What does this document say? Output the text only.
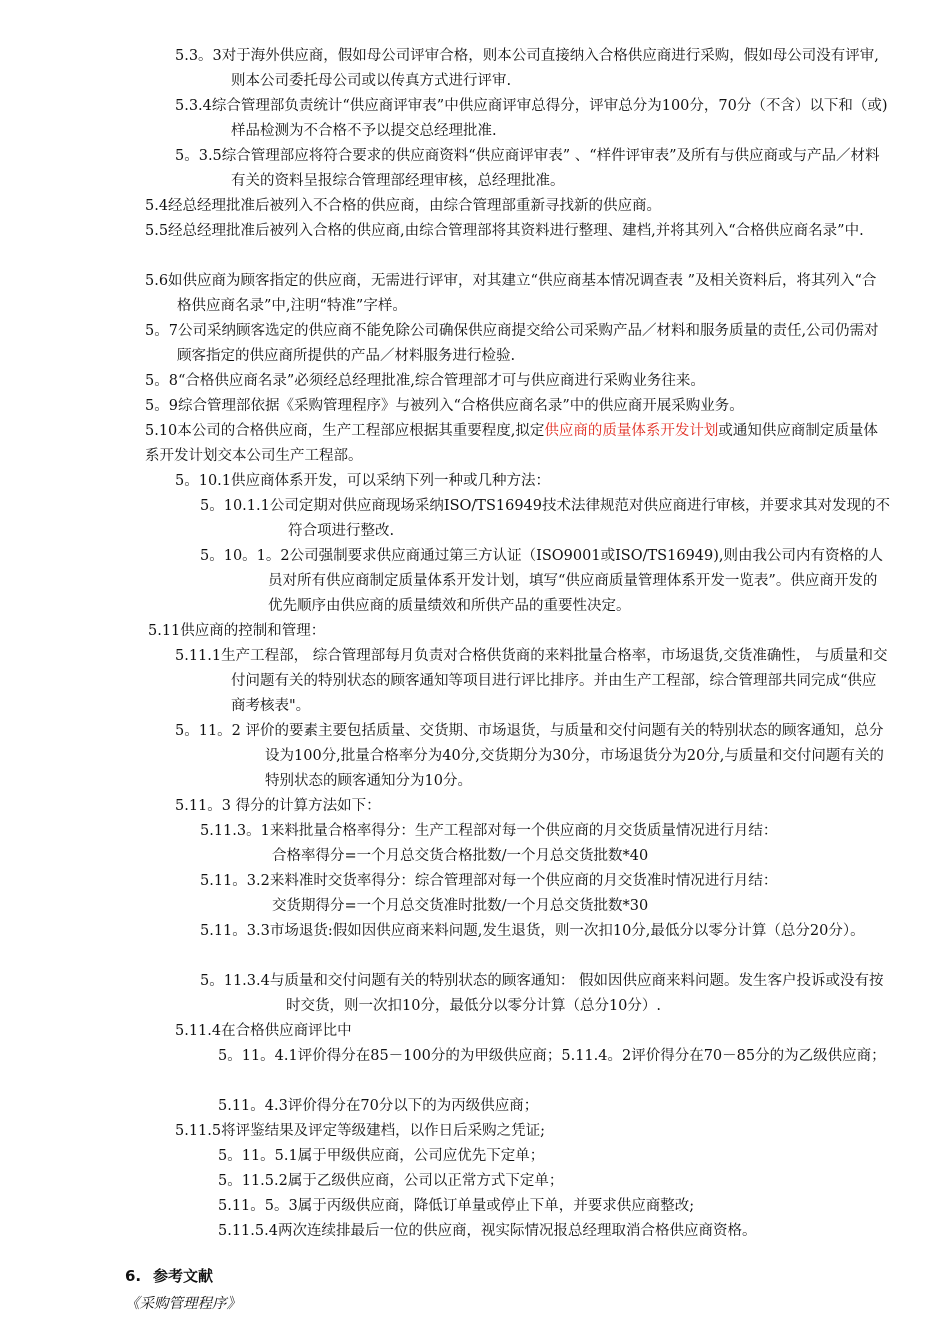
5.3。3对于海外供应商，假如母公司评审合格，则本公司直接纳入合格供应商进行采购，假如母公司没有评审,则本公司委托母公司或以传真方式进行评审.

5.3.4综合管理部负责统计“供应商评审表”中供应商评审总得分，评审总分为100分，70分（不含）以下和（或)样品检测为不合格不予以提交总经理批准.

5。3.5综合管理部应将符合要求的供应商资料“供应商评审表” 、“样件评审表”及所有与供应商或与产品／材料有关的资料呈报综合管理部经理审核，总经理批准。

5.4经总经理批准后被列入不合格的供应商，由综合管理部重新寻找新的供应商。

5.5经总经理批准后被列入合格的供应商,由综合管理部将其资料进行整理、建档,并将其列入“合格供应商名录”中.

5.6如供应商为顾客指定的供应商，无需进行评审，对其建立“供应商基本情况调查表 ”及相关资料后，将其列入“合格供应商名录”中,注明“特准”字样。

5。7公司采纳顾客选定的供应商不能免除公司确保供应商提交给公司采购产品／材料和服务质量的责任,公司仍需对顾客指定的供应商所提供的产品／材料服务进行检验.

5。8“合格供应商名录”必须经总经理批准,综合管理部才可与供应商进行采购业务往来。

5。9综合管理部依据《采购管理程序》与被列入“合格供应商名录”中的供应商开展采购业务。

5.10本公司的合格供应商，生产工程部应根据其重要程度,拟定供应商的质量体系开发计划或通知供应商制定质量体系开发计划交本公司生产工程部。

5。10.1供应商体系开发，可以采纳下列一种或几种方法：

5。10.1.1公司定期对供应商现场采纳ISO/TS16949技术法律规范对供应商进行审核，并要求其对发现的不符合项进行整改.

5。10。1。2公司强制要求供应商通过第三方认证（ISO9001或ISO/TS16949),则由我公司内有资格的人员对所有供应商制定质量体系开发计划，填写“供应商质量管理体系开发一览表”。供应商开发的优先顺序由供应商的质量绩效和所供产品的重要性决定。

5.11供应商的控制和管理：

5.11.1生产工程部， 综合管理部每月负责对合格供货商的来料批量合格率，市场退货,交货准确性， 与质量和交付问题有关的特别状态的顾客通知等项目进行评比排序。并由生产工程部，综合管理部共同完成“供应商考核表"。

5。11。2 评价的要素主要包括质量、交货期、市场退货，与质量和交付问题有关的特别状态的顾客通知，总分设为100分,批量合格率分为40分,交货期分为30分，市场退货分为20分,与质量和交付问题有关的特别状态的顾客通知分为10分。

5.11。3 得分的计算方法如下：

5.11.3。1来料批量合格率得分：生产工程部对每一个供应商的月交货质量情况进行月结：

合格率得分=一个月总交货合格批数/一个月总交货批数*40

5.11。3.2来料准时交货率得分：综合管理部对每一个供应商的月交货准时情况进行月结：

交货期得分=一个月总交货准时批数/一个月总交货批数*30

5.11。3.3市场退货:假如因供应商来料问题,发生退货，则一次扣10分,最低分以零分计算（总分20分）。

5。11.3.4与质量和交付问题有关的特别状态的顾客通知： 假如因供应商来料问题。发生客户投诉或没有按时交货，则一次扣10分，最低分以零分计算（总分10分）.

5.11.4在合格供应商评比中

5。11。4.1评价得分在85－100分的为甲级供应商；5.11.4。2评价得分在70－85分的为乙级供应商；

5.11。4.3评价得分在70分以下的为丙级供应商；

5.11.5将评鉴结果及评定等级建档，以作日后采购之凭证;

5。11。5.1属于甲级供应商，公司应优先下定单；

5。11.5.2属于乙级供应商，公司以正常方式下定单；

5.11。5。3属于丙级供应商，降低订单量或停止下单，并要求供应商整改;

5.11.5.4两次连续排最后一位的供应商，视实际情况报总经理取消合格供应商资格。

6. 参考文献

《采购管理程序》
